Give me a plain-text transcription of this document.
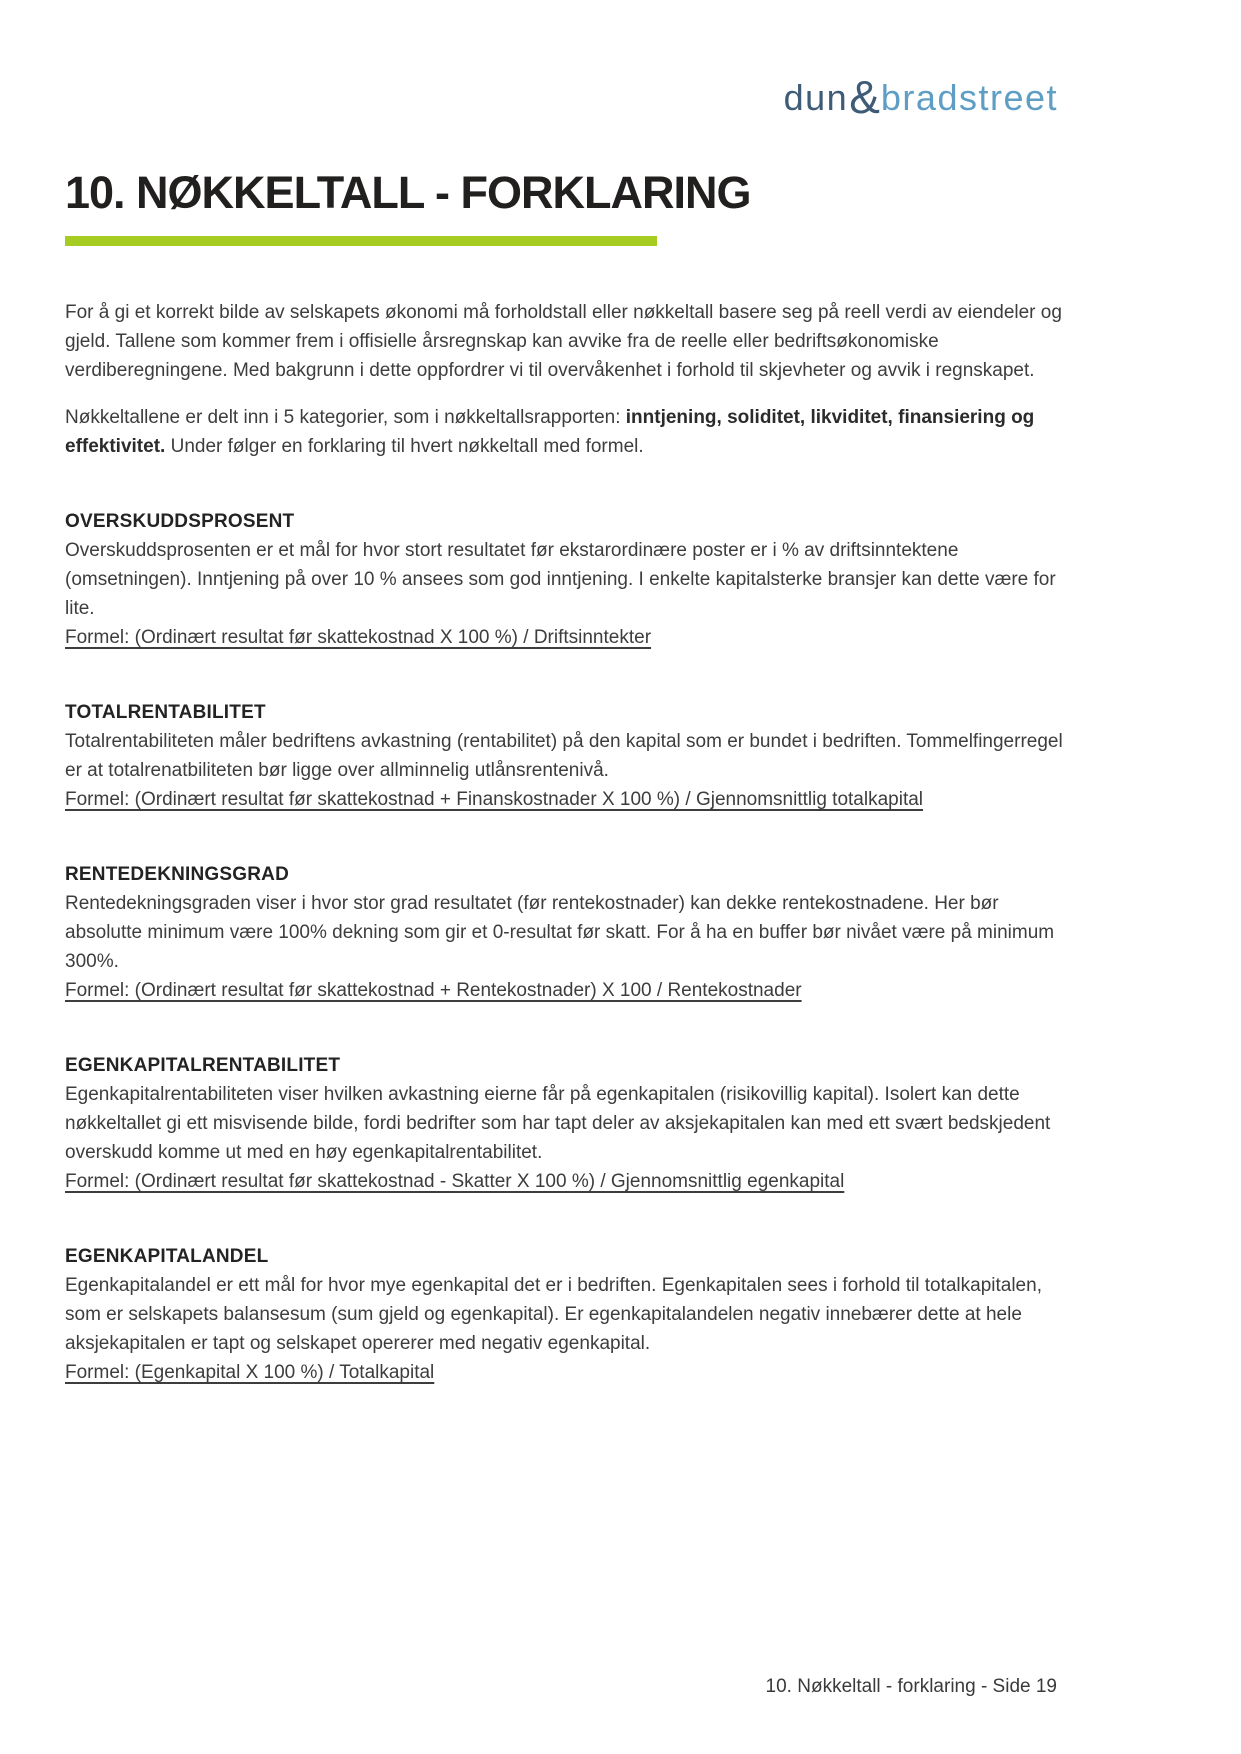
dun&bradstreet
10. NØKKELTALL - FORKLARING

For å gi et korrekt bilde av selskapets økonomi må forholdstall eller nøkkeltall basere seg på reell verdi av eiendeler og gjeld. Tallene som kommer frem i offisielle årsregnskap kan avvike fra de reelle eller bedriftsøkonomiske verdiberegningene. Med bakgrunn i dette oppfordrer vi til overvåkenhet i forhold til skjevheter og avvik i regnskapet.

Nøkkeltallene er delt inn i 5 kategorier, som i nøkkeltallsrapporten: inntjening, soliditet, likviditet, finansiering og effektivitet. Under følger en forklaring til hvert nøkkeltall med formel.

OVERSKUDDSPROSENT
Overskuddsprosenten er et mål for hvor stort resultatet før ekstarordinære poster er i % av driftsinntektene (omsetningen). Inntjening på over 10 % ansees som god inntjening. I enkelte kapitalsterke bransjer kan dette være for lite.
Formel: (Ordinært resultat før skattekostnad X 100 %) / Driftsinntekter
TOTALRENTABILITET
Totalrentabiliteten måler bedriftens avkastning (rentabilitet) på den kapital som er bundet i bedriften. Tommelfingerregel er at totalrenatbiliteten bør ligge over allminnelig utlånsrentenivå.
Formel: (Ordinært resultat før skattekostnad + Finanskostnader X 100 %) / Gjennomsnittlig totalkapital
RENTEDEKNINGSGRAD
Rentedekningsgraden viser i hvor stor grad resultatet (før rentekostnader) kan dekke rentekostnadene. Her bør absolutte minimum være 100% dekning som gir et 0-resultat før skatt. For å ha en buffer bør nivået være på minimum 300%.
Formel: (Ordinært resultat før skattekostnad + Rentekostnader) X 100 / Rentekostnader
EGENKAPITALRENTABILITET
Egenkapitalrentabiliteten viser hvilken avkastning eierne får på egenkapitalen (risikovillig kapital). Isolert kan dette nøkkeltallet gi ett misvisende bilde, fordi bedrifter som har tapt deler av aksjekapitalen kan med ett svært bedskjedent overskudd komme ut med en høy egenkapitalrentabilitet.
Formel: (Ordinært resultat før skattekostnad - Skatter X 100 %) / Gjennomsnittlig egenkapital
EGENKAPITALANDEL
Egenkapitalandel er ett mål for hvor mye egenkapital det er i bedriften. Egenkapitalen sees i forhold til totalkapitalen, som er selskapets balansesum (sum gjeld og egenkapital). Er egenkapitalandelen negativ innebærer dette at hele aksjekapitalen er tapt og selskapet opererer med negativ egenkapital.
Formel: (Egenkapital X 100 %) / Totalkapital
10. Nøkkeltall - forklaring - Side 19
